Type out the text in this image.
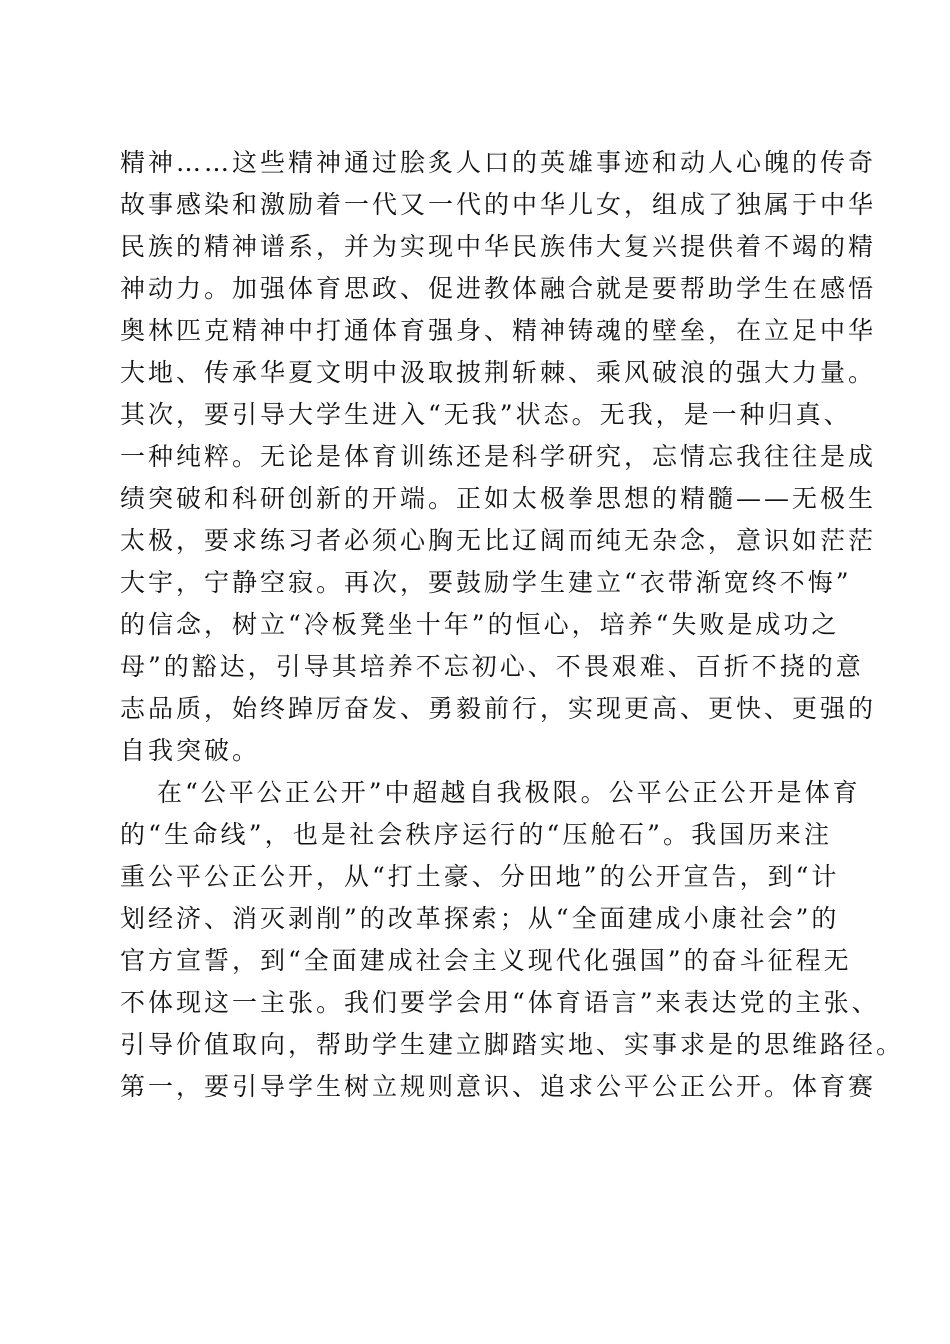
精神……这些精神通过脍炙人口的英雄事迹和动人心魄的传奇
故事感染和激励着一代又一代的中华儿女，组成了独属于中华
民族的精神谱系，并为实现中华民族伟大复兴提供着不竭的精
神动力。加强体育思政、促进教体融合就是要帮助学生在感悟
奥林匹克精神中打通体育强身、精神铸魂的壁垒，在立足中华
大地、传承华夏文明中汲取披荆斩棘、乘风破浪的强大力量。
其次，要引导大学生进入“无我”状态。无我，是一种归真、
一种纯粹。无论是体育训练还是科学研究，忘情忘我往往是成
绩突破和科研创新的开端。正如太极拳思想的精髓——无极生
太极，要求练习者必须心胸无比辽阔而纯无杂念，意识如茫茫
大宇，宁静空寂。再次，要鼓励学生建立“衣带渐宽终不悔”
的信念，树立“冷板凳坐十年”的恒心，培养“失败是成功之
母”的豁达，引导其培养不忘初心、不畏艰难、百折不挠的意
志品质，始终踔厉奋发、勇毅前行，实现更高、更快、更强的
自我突破。
在“公平公正公开”中超越自我极限。公平公正公开是体育
的“生命线”，也是社会秩序运行的“压舱石”。我国历来注
重公平公正公开，从“打土豪、分田地”的公开宣告，到“计
划经济、消灭剥削”的改革探索；从“全面建成小康社会”的
官方宣誓，到“全面建成社会主义现代化强国”的奋斗征程无
不体现这一主张。我们要学会用“体育语言”来表达党的主张、
引导价值取向，帮助学生建立脚踏实地、实事求是的思维路径。
第一，要引导学生树立规则意识、追求公平公正公开。体育赛
